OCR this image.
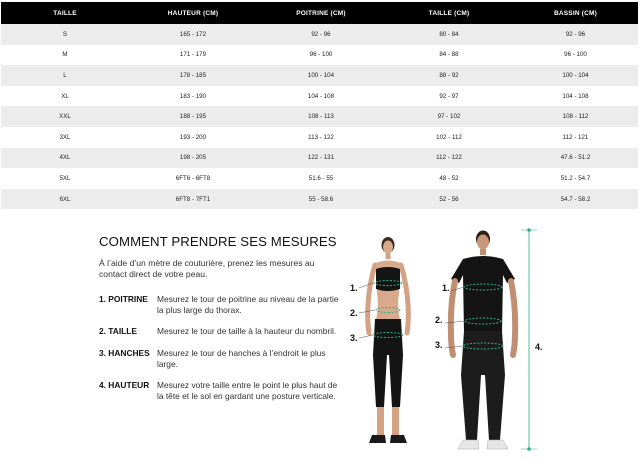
TAILLE	HAUTEUR (CM)	POITRINE (CM)	TAILLE (CM)	BASSIN (CM)
S	165 - 172	92 - 96	80 - 84	92 - 96
M	171 - 179	96 - 100	84 - 88	96 - 100
L	178 - 185	100 - 104	88 - 92	100 - 104
XL	183 - 190	104 - 108	92 - 97	104 - 108
XXL	188 - 195	108 - 113	97 - 102	108 - 112
3XL	193 - 200	113 - 122	102 - 112	112 - 121
4XL	198 - 205	122 - 131	112 - 122	47.6 - 51.2
5XL	6FT6 - 6FT8	51.6 - 55	48 - 52	51.2 - 54.7
6XL	6FT8 - 7FT1	55 - 58.6	52 - 56	54.7 - 58.2
COMMENT PRENDRE SES MESURES

À l’aide d’un mètre de couturière, prenez les mesures au contact direct de votre peau.

1. POITRINE	Mesurez le tour de poitrine au niveau de la partie la plus large du thorax.
2. TAILLE	Mesurez le tour de taille à la hauteur du nombril.
3. HANCHES Mesurez le tour de hanches à l’endroit le plus large.
4. HAUTEUR Mesurez votre taille entre le point le plus haut de la tête et le sol en gardant une posture verticale.
1.
2.
3.
1.
2.
3.	4.
